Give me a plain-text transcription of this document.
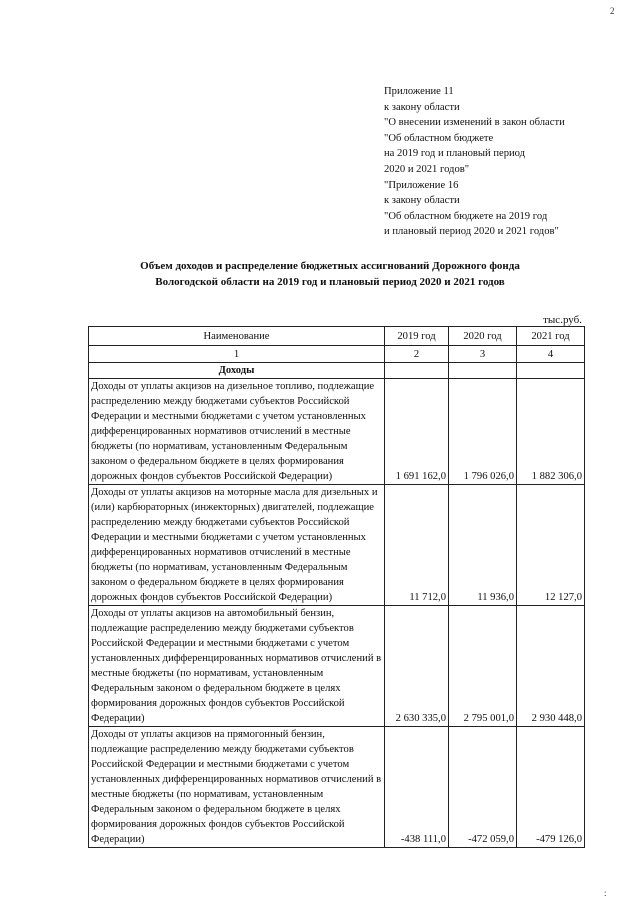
2
:
Приложение 11
к закону области
"О внесении изменений в закон области
"Об областном бюджете
на 2019 год и плановый период
2020 и 2021 годов"
"Приложение 16
к закону области
"Об областном бюджете на 2019 год
и плановый период 2020 и 2021 годов"
Объем доходов и распределение бюджетных ассигнований Дорожного фонда
Вологодской области на 2019 год и плановый период 2020 и 2021 годов
тыс.руб.
Наименование	2019 год	2020 год	2021 год
1	2	3	4
Доходы			
Доходы от уплаты акцизов на дизельное топливо, подлежащие распределению между бюджетами субъектов Российской Федерации и местными бюджетами с учетом установленных дифференцированных нормативов отчислений в местные бюджеты (по нормативам, установленным Федеральным законом о федеральном бюджете в целях формирования дорожных фондов субъектов Российской Федерации)	1 691 162,0	1 796 026,0	1 882 306,0
Доходы от уплаты акцизов на моторные масла для дизельных и (или) карбюраторных (инжекторных) двигателей, подлежащие распределению между бюджетами субъектов Российской Федерации и местными бюджетами с учетом установленных дифференцированных нормативов отчислений в местные бюджеты (по нормативам, установленным Федеральным законом о федеральном бюджете в целях формирования дорожных фондов субъектов Российской Федерации)	11 712,0	11 936,0	12 127,0
Доходы от уплаты акцизов на автомобильный бензин, подлежащие распределению между бюджетами субъектов Российской Федерации и местными бюджетами с учетом установленных дифференцированных нормативов отчислений в местные бюджеты (по нормативам, установленным Федеральным законом о федеральном бюджете в целях формирования дорожных фондов субъектов Российской Федерации)	2 630 335,0	2 795 001,0	2 930 448,0
Доходы от уплаты акцизов на прямогонный бензин, подлежащие распределению между бюджетами субъектов Российской Федерации и местными бюджетами с учетом установленных дифференцированных нормативов отчислений в местные бюджеты (по нормативам, установленным Федеральным законом о федеральном бюджете в целях формирования дорожных фондов субъектов Российской Федерации)	-438 111,0	-472 059,0	-479 126,0
